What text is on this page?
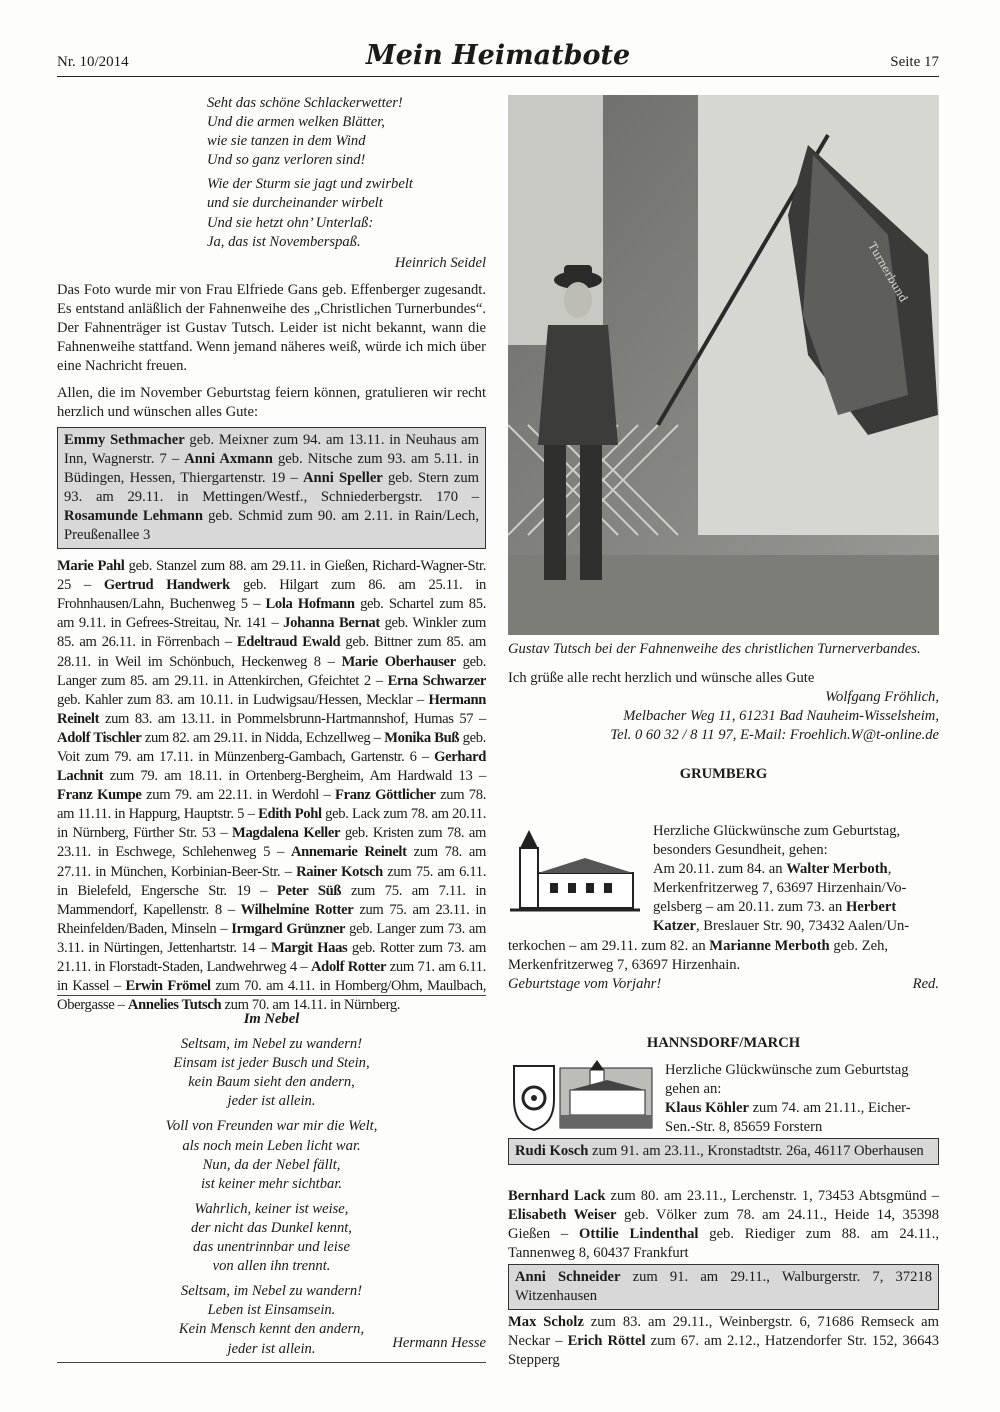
Nr. 10/2014	Mein Heimatbote	Seite 17
Seht das schöne Schlackerwetter!
Und die armen welken Blätter,
wie sie tanzen in dem Wind
Und so ganz verloren sind!
Wie der Sturm sie jagt und zwirbelt
und sie durcheinander wirbelt
Und sie hetzt ohn’ Unterlaß:
Ja, das ist Novemberspaß.
Heinrich Seidel

Das Foto wurde mir von Frau Elfriede Gans geb. Effenberger zugesandt. Es entstand anläßlich der Fahnenweihe des „Christlichen Turnerbundes“. Der Fahnenträger ist Gustav Tutsch. Leider ist nicht bekannt, wann die Fahnenweihe stattfand. Wenn jemand näheres weiß, würde ich mich über eine Nachricht freuen.

Allen, die im November Geburtstag feiern können, gratulieren wir recht herzlich und wünschen alles Gute:

Emmy Sethmacher geb. Meixner zum 94. am 13.11. in Neuhaus am Inn, Wagnerstr. 7 – Anni Axmann geb. Nitsche zum 93. am 5.11. in Büdingen, Hessen, Thiergartenstr. 19 – Anni Speller geb. Stern zum 93. am 29.11. in Mettingen/Westf., Schniederbergstr. 170 – Rosamunde Lehmann geb. Schmid zum 90. am 2.11. in Rain/Lech, Preußenallee 3
Marie Pahl geb. Stanzel zum 88. am 29.11. in Gießen, Richard-Wagner-Str. 25 – Gertrud Handwerk geb. Hilgart zum 86. am 25.11. in Frohnhausen/Lahn, Buchenweg 5 – Lola Hofmann geb. Schartel zum 85. am 9.11. in Gefrees-Streitau, Nr. 141 – Johanna Bernat geb. Winkler zum 85. am 26.11. in Förrenbach – Edeltraud Ewald geb. Bittner zum 85. am 28.11. in Weil im Schönbuch, Heckenweg 8 – Marie Oberhauser geb. Langer zum 85. am 29.11. in Attenkirchen, Gfeichtet 2 – Erna Schwarzer geb. Kahler zum 83. am 10.11. in Ludwigsau/Hessen, Mecklar – Hermann Reinelt zum 83. am 13.11. in Pommelsbrunn-Hartmannshof, Humas 57 – Adolf Tischler zum 82. am 29.11. in Nidda, Echzellweg – Monika Buß geb. Voit zum 79. am 17.11. in Münzenberg-Gambach, Gartenstr. 6 – Gerhard Lachnit zum 79. am 18.11. in Ortenberg-Bergheim, Am Hardwald 13 – Franz Kumpe zum 79. am 22.11. in Werdohl – Franz Göttlicher zum 78. am 11.11. in Happurg, Hauptstr. 5 – Edith Pohl geb. Lack zum 78. am 20.11. in Nürnberg, Fürther Str. 53 – Magdalena Keller geb. Kristen zum 78. am 23.11. in Eschwege, Schlehenweg 5 – Annemarie Reinelt zum 78. am 27.11. in München, Korbinian-Beer-Str. – Rainer Kotsch zum 75. am 6.11. in Bielefeld, Engersche Str. 19 – Peter Süß zum 75. am 7.11. in Mammendorf, Kapellenstr. 8 – Wilhelmine Rotter zum 75. am 23.11. in Rheinfelden/Baden, Minseln – Irmgard Grünzner geb. Langer zum 73. am 3.11. in Nürtingen, Jettenhartstr. 14 – Margit Haas geb. Rotter zum 73. am 21.11. in Florstadt-Staden, Landwehrweg 4 – Adolf Rotter zum 71. am 6.11. in Kassel – Erwin Frömel zum 70. am 4.11. in Homberg/Ohm, Maulbach, Obergasse – Annelies Tutsch zum 70. am 14.11. in Nürnberg.
Im Nebel
Seltsam, im Nebel zu wandern!
Einsam ist jeder Busch und Stein,
kein Baum sieht den andern,
jeder ist allein.
Voll von Freunden war mir die Welt,
als noch mein Leben licht war.
Nun, da der Nebel fällt,
ist keiner mehr sichtbar.
Wahrlich, keiner ist weise,
der nicht das Dunkel kennt,
das unentrinnbar und leise
von allen ihn trennt.
Seltsam, im Nebel zu wandern!
Leben ist Einsamsein.
Kein Mensch kennt den andern,
jeder ist allein.	Hermann Hesse
Turnerbund
Gustav Tutsch bei der Fahnenweihe des christlichen Turnerverbandes.
Ich grüße alle recht herzlich und wünsche alles Gute
Wolfgang Fröhlich,
Melbacher Weg 11, 61231 Bad Nauheim-Wisselsheim,
Tel. 0 60 32 / 8 11 97, E-Mail: Froehlich.W@t-online.de
GRUMBERG
Herzliche Glückwünsche zum Geburtstag,
besonders Gesundheit, gehen:
Am 20.11. zum 84. an Walter Merboth,
Merkenfritzerweg 7, 63697 Hirzenhain/Vo-
gelsberg – am 20.11. zum 73. an Herbert
Katzer, Breslauer Str. 90, 73432 Aalen/Un-
terkochen – am 29.11. zum 82. an Marianne Merboth geb. Zeh,
Merkenfritzerweg 7, 63697 Hirzenhain.
Geburtstage vom Vorjahr!	Red.
HANNSDORF/MARCH
Herzliche Glückwünsche zum Geburtstag
gehen an:
Klaus Köhler zum 74. am 21.11., Eicher-
Sen.-Str. 8, 85659 Forstern
Rudi Kosch zum 91. am 23.11., Kronstadtstr. 26a, 46117 Oberhausen
Bernhard Lack zum 80. am 23.11., Lerchenstr. 1, 73453 Abtsgmünd – Elisabeth Weiser geb. Völker zum 78. am 24.11., Heide 14, 35398 Gießen – Ottilie Lindenthal geb. Riediger zum 88. am 24.11., Tannenweg 8, 60437 Frankfurt
Anni Schneider zum 91. am 29.11., Walburgerstr. 7, 37218 Witzenhausen
Max Scholz zum 83. am 29.11., Weinbergstr. 6, 71686 Remseck am Neckar – Erich Röttel zum 67. am 2.12., Hatzendorfer Str. 152, 36643 Stepperg
